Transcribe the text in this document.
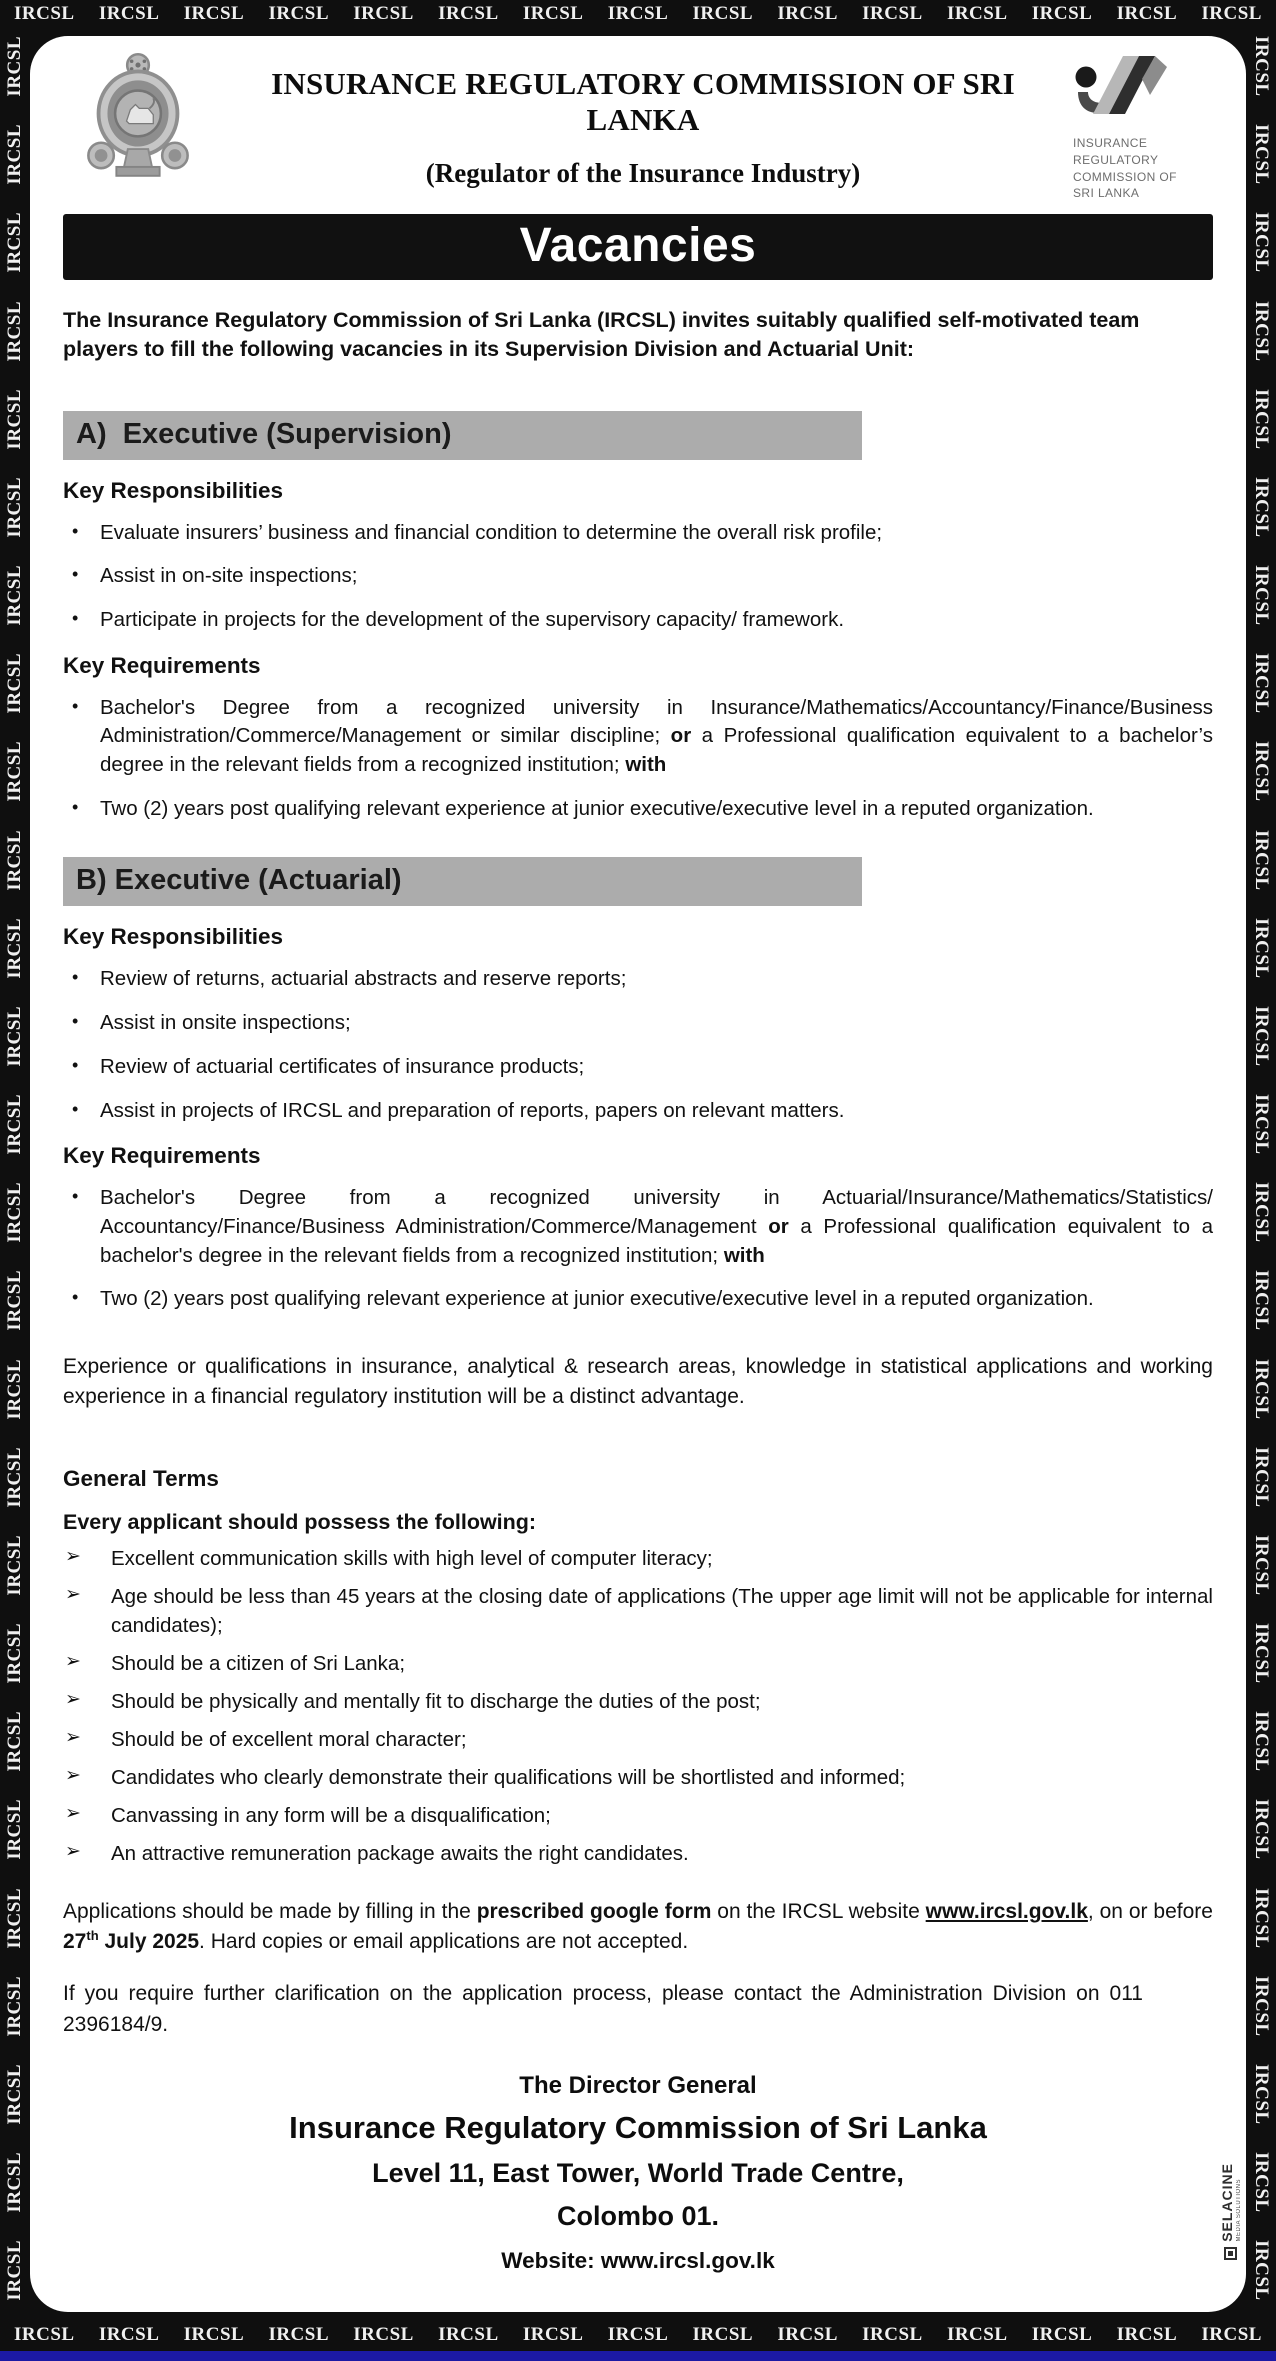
IRCSL IRCSL IRCSL IRCSL IRCSL IRCSL IRCSL IRCSL IRCSL IRCSL IRCSL IRCSL IRCSL IRCSL IRCSL
IRCSL
IRCSL
IRCSL
IRCSL
IRCSL
IRCSL
IRCSL
IRCSL
IRCSL
IRCSL
IRCSL
IRCSL
IRCSL
IRCSL
IRCSL
IRCSL
IRCSL
IRCSL
IRCSL
IRCSL
IRCSL
IRCSL
IRCSL
IRCSL
IRCSL
IRCSL
IRCSL
IRCSL
IRCSL
IRCSL
IRCSL
IRCSL
IRCSL
IRCSL
IRCSL
IRCSL
IRCSL
IRCSL
IRCSL
IRCSL
IRCSL
IRCSL
IRCSL
IRCSL
IRCSL
IRCSL
IRCSL
IRCSL
IRCSL
IRCSL
IRCSL
IRCSL
IRCSL IRCSL IRCSL IRCSL IRCSL IRCSL IRCSL IRCSL IRCSL IRCSL IRCSL IRCSL IRCSL IRCSL IRCSL
INSURANCE REGULATORY COMMISSION OF SRI LANKA
(Regulator of the Insurance Industry)
INSURANCE
REGULATORY
COMMISSION OF
SRI LANKA
Vacancies

The Insurance Regulatory Commission of Sri Lanka (IRCSL) invites suitably qualified self-motivated team players to fill the following vacancies in its Supervision Division and Actuarial Unit:

A)  Executive (Supervision)
Key Responsibilities
• Evaluate insurers’ business and financial condition to determine the overall risk profile;
• Assist in on-site inspections;
• Participate in projects for the development of the supervisory capacity/ framework.
Key Requirements
• Bachelor's Degree from a recognized university in Insurance/Mathematics/Accountancy/Finance/Business Administration/Commerce/Management or similar discipline; or a Professional qualification equivalent to a bachelor’s degree in the relevant fields from a recognized institution; with
• Two (2) years post qualifying relevant experience at junior executive/executive level in a reputed organization.
B) Executive (Actuarial)
Key Responsibilities
• Review of returns, actuarial abstracts and reserve reports;
• Assist in onsite inspections;
• Review of actuarial certificates of insurance products;
• Assist in projects of IRCSL and preparation of reports, papers on relevant matters.
Key Requirements
• Bachelor's Degree from a recognized university in Actuarial/Insurance/Mathematics/Statistics/ Accountancy/Finance/Business Administration/Commerce/Management or a Professional qualification equivalent to a bachelor's degree in the relevant fields from a recognized institution; with
• Two (2) years post qualifying relevant experience at junior executive/executive level in a reputed organization.

Experience or qualifications in insurance, analytical & research areas, knowledge in statistical applications and working experience in a financial regulatory institution will be a distinct advantage.

General Terms
Every applicant should possess the following:
➢ Excellent communication skills with high level of computer literacy;
➢ Age should be less than 45 years at the closing date of applications (The upper age limit will not be applicable for internal candidates);
➢ Should be a citizen of Sri Lanka;
➢ Should be physically and mentally fit to discharge the duties of the post;
➢ Should be of excellent moral character;
➢ Candidates who clearly demonstrate their qualifications will be shortlisted and informed;
➢ Canvassing in any form will be a disqualification;
➢ An attractive remuneration package awaits the right candidates.

Applications should be made by filling in the prescribed google form on the IRCSL website www.ircsl.gov.lk, on or before 27th July 2025. Hard copies or email applications are not accepted.

If you require further clarification on the application process, please contact the Administration Division on 011 2396184/9.

The Director General
Insurance Regulatory Commission of Sri Lanka
Level 11, East Tower, World Trade Centre,
Colombo 01.
Website: www.ircsl.gov.lk
SELACINE MEDIA SOLUTIONS
